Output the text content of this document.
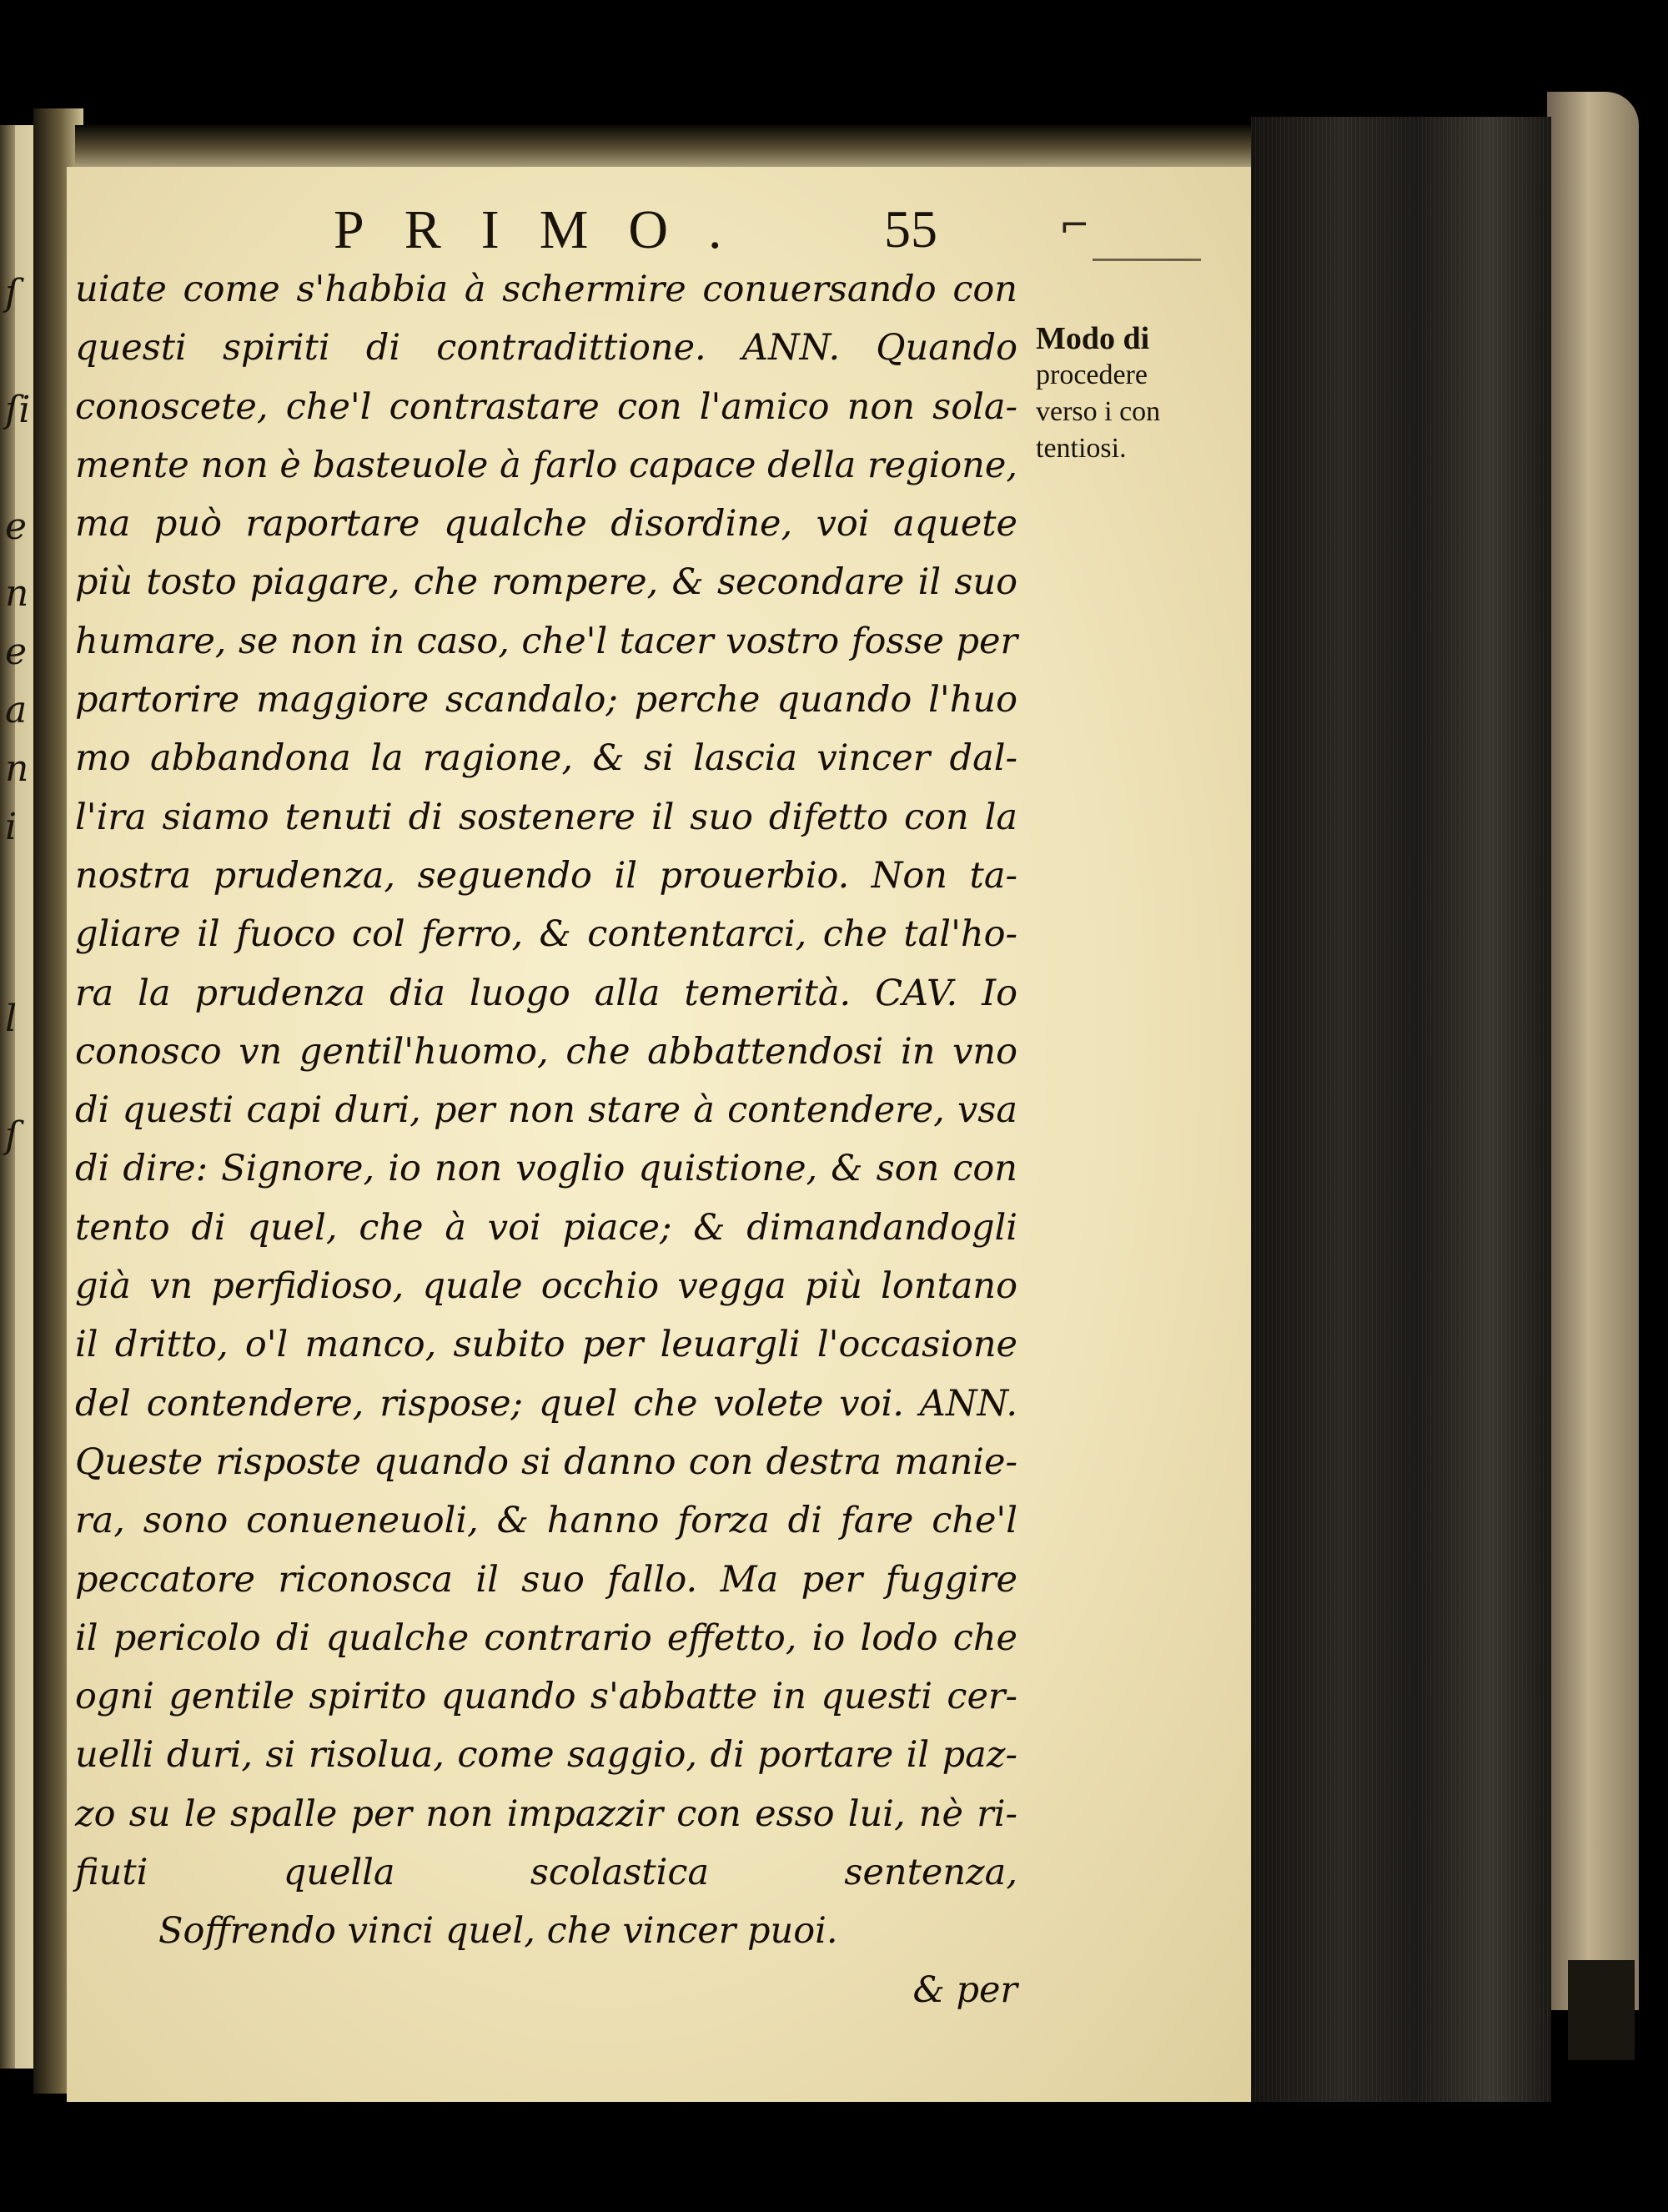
ſ
ſi
e
n
e
a
n
i
l
ſ
PRIMO. 55	⌐
Modo di
procedere
verso i con
tentiosi.
uiate come s'habbia à schermire conuersando con
questi spiriti di contradittione. ANN. Quando
conoscete, che'l contrastare con l'amico non sola-
mente non è basteuole à farlo capace della regione,
ma può raportare qualche disordine, voi aquete
più tosto piagare, che rompere, & secondare il suo
humare, se non in caso, che'l tacer vostro fosse per
partorire maggiore scandalo; perche quando l'huo
mo abbandona la ragione, & si lascia vincer dal-
l'ira siamo tenuti di sostenere il suo difetto con la
nostra prudenza, seguendo il prouerbio. Non ta-
gliare il fuoco col ferro, & contentarci, che tal'ho-
ra la prudenza dia luogo alla temerità. CAV. Io
conosco vn gentil'huomo, che abbattendosi in vno
di questi capi duri, per non stare à contendere, vsa
di dire: Signore, io non voglio quistione, & son con
tento di quel, che à voi piace; & dimandandogli
già vn perfidioso, quale occhio vegga più lontano
il dritto, o'l manco, subito per leuargli l'occasione
del contendere, rispose; quel che volete voi. ANN.
Queste risposte quando si danno con destra manie-
ra, sono conueneuoli, & hanno forza di fare che'l
peccatore riconosca il suo fallo. Ma per fuggire
il pericolo di qualche contrario effetto, io lodo che
ogni gentile spirito quando s'abbatte in questi cer-
uelli duri, si risolua, come saggio, di portare il paz-
zo su le spalle per non impazzir con esso lui, nè ri-
fiuti quella scolastica sentenza,
Soffrendo vinci quel, che vincer puoi.
& per
